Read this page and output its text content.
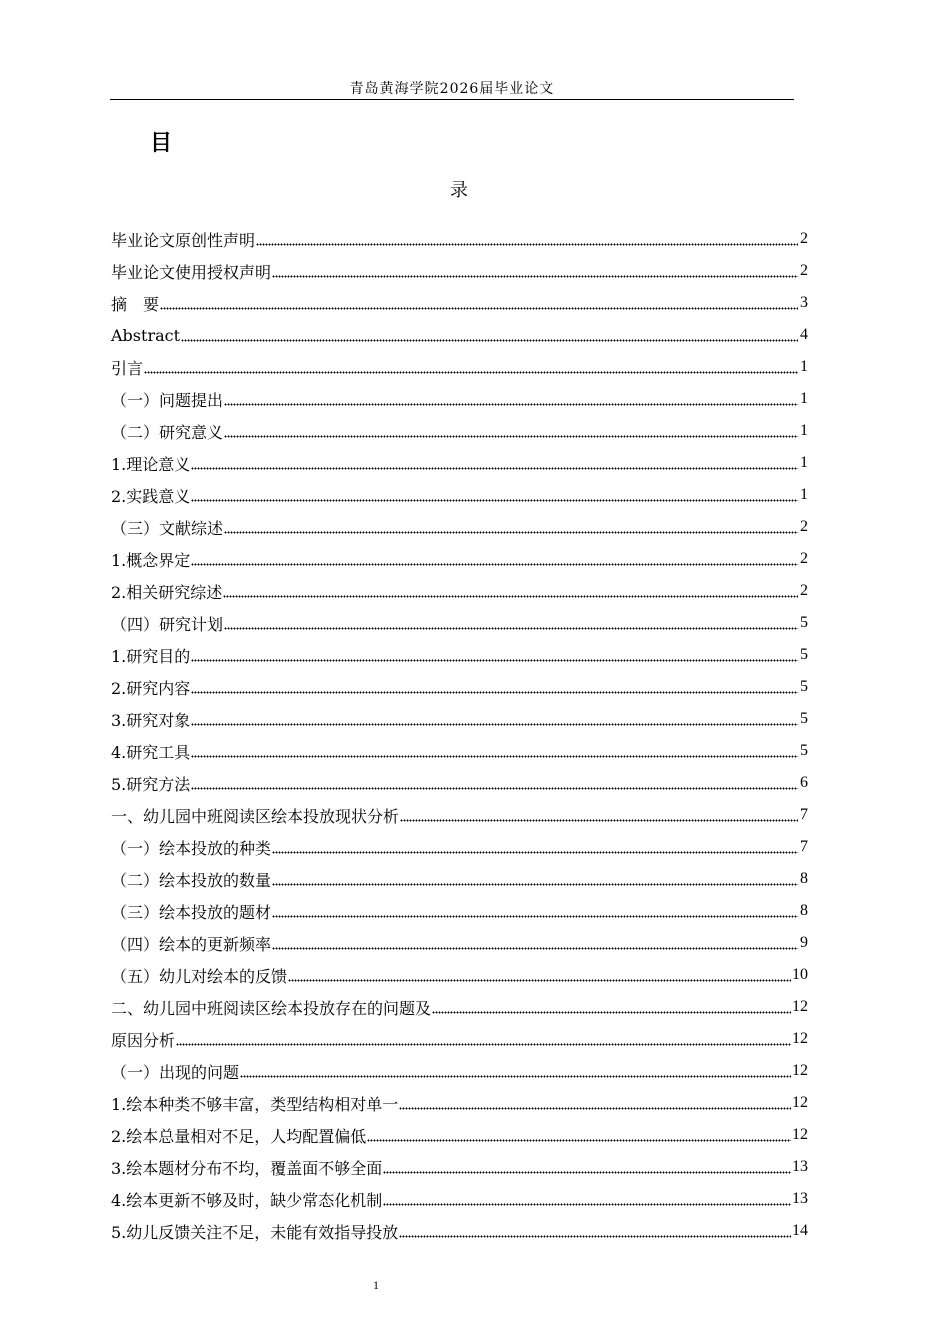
青岛黄海学院2026届毕业论文
目
录
毕业论文原创性声明	2
毕业论文使用授权声明	2
摘　要	3
Abstract	4
引言	1
（一）问题提出	1
（二）研究意义	1
1.理论意义	1
2.实践意义	1
（三）文献综述	2
1.概念界定	2
2.相关研究综述	2
（四）研究计划	5
1.研究目的	5
2.研究内容	5
3.研究对象	5
4.研究工具	5
5.研究方法	6
一、幼儿园中班阅读区绘本投放现状分析	7
（一）绘本投放的种类	7
（二）绘本投放的数量	8
（三）绘本投放的题材	8
（四）绘本的更新频率	9
（五）幼儿对绘本的反馈	10
二、幼儿园中班阅读区绘本投放存在的问题及	12
原因分析	12
（一）出现的问题	12
1.绘本种类不够丰富，类型结构相对单一	12
2.绘本总量相对不足，人均配置偏低	12
3.绘本题材分布不均，覆盖面不够全面	13
4.绘本更新不够及时，缺少常态化机制	13
5.幼儿反馈关注不足，未能有效指导投放	14
1
